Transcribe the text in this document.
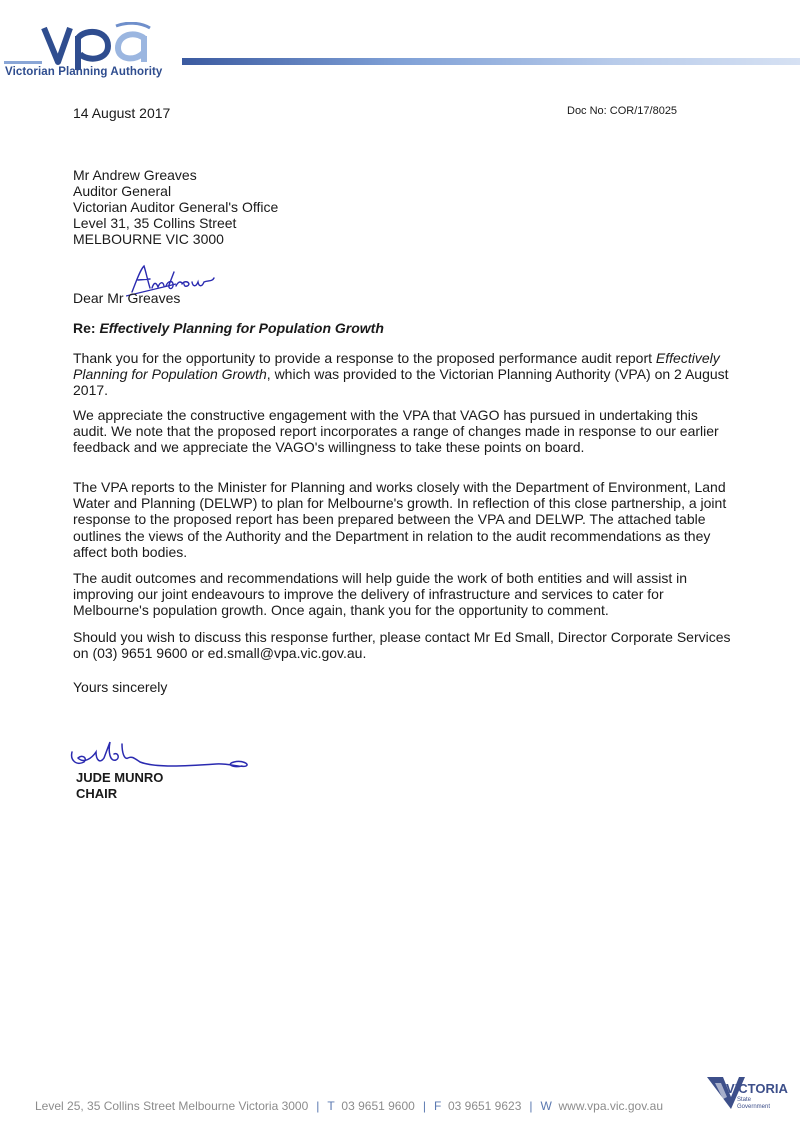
Victorian Planning Authority
14 August 2017	Doc No: COR/17/8025
Mr Andrew Greaves
Auditor General
Victorian Auditor General's Office
Level 31, 35 Collins Street
MELBOURNE VIC 3000
Dear Mr Greaves
Re: Effectively Planning for Population Growth
Thank you for the opportunity to provide a response to the proposed performance audit report Effectively Planning for Population Growth, which was provided to the Victorian Planning Authority (VPA) on 2 August 2017.
We appreciate the constructive engagement with the VPA that VAGO has pursued in undertaking this audit. We note that the proposed report incorporates a range of changes made in response to our earlier feedback and we appreciate the VAGO's willingness to take these points on board.
The VPA reports to the Minister for Planning and works closely with the Department of Environment, Land Water and Planning (DELWP) to plan for Melbourne's growth. In reflection of this close partnership, a joint response to the proposed report has been prepared between the VPA and DELWP. The attached table outlines the views of the Authority and the Department in relation to the audit recommendations as they affect both bodies.
The audit outcomes and recommendations will help guide the work of both entities and will assist in improving our joint endeavours to improve the delivery of infrastructure and services to cater for Melbourne's population growth. Once again, thank you for the opportunity to comment.
Should you wish to discuss this response further, please contact Mr Ed Small, Director Corporate Services on (03) 9651 9600 or ed.small@vpa.vic.gov.au.
Yours sincerely
JUDE MUNRO
CHAIR
Level 25, 35 Collins Street Melbourne Victoria 3000 | T 03 9651 9600 | F 03 9651 9623 | W www.vpa.vic.gov.au
VICTORIA
State Government
